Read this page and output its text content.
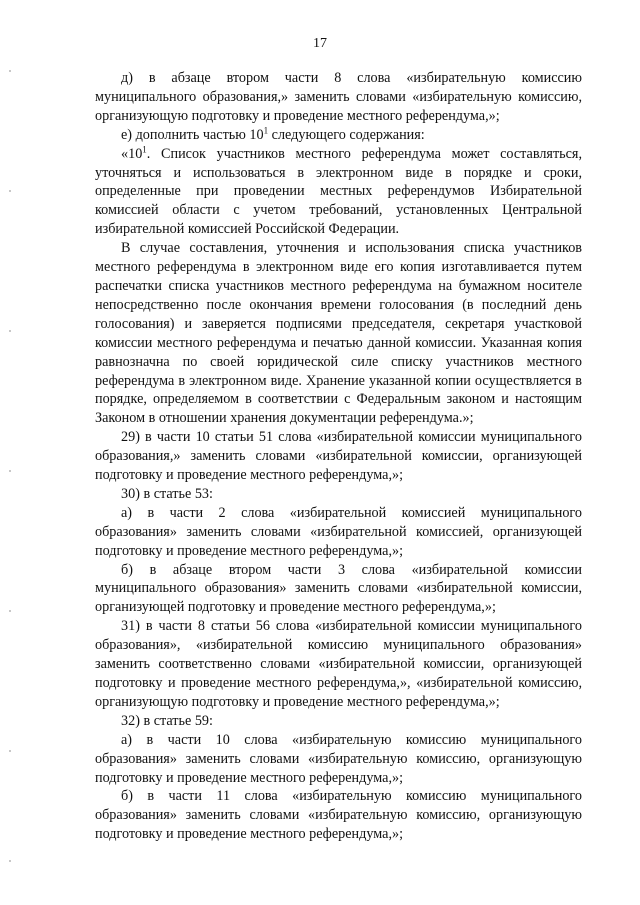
17

д) в абзаце втором части 8 слова «избирательную комиссию муниципального образования,» заменить словами «избирательную комиссию, организующую подготовку и проведение местного референдума,»;

е) дополнить частью $10^1$ следующего содержания:

«$10^1$. Список участников местного референдума может составляться, уточняться и использоваться в электронном виде в порядке и сроки, определенные при проведении местных референдумов Избирательной комиссией области с учетом требований, установленных Центральной избирательной комиссией Российской Федерации.

В случае составления, уточнения и использования списка участников местного референдума в электронном виде его копия изготавливается путем распечатки списка участников местного референдума на бумажном носителе непосредственно после окончания времени голосования (в последний день голосования) и заверяется подписями председателя, секретаря участковой комиссии местного референдума и печатью данной комиссии. Указанная копия равнозначна по своей юридической силе списку участников местного референдума в электронном виде. Хранение указанной копии осуществляется в порядке, определяемом в соответствии с Федеральным законом и настоящим Законом в отношении хранения документации референдума.»;

29) в части 10 статьи 51 слова «избирательной комиссии муниципального образования,» заменить словами «избирательной комиссии, организующей подготовку и проведение местного референдума,»;

30) в статье 53:

а) в части 2 слова «избирательной комиссией муниципального образования» заменить словами «избирательной комиссией, организующей подготовку и проведение местного референдума,»;

б) в абзаце втором части 3 слова «избирательной комиссии муниципального образования» заменить словами «избирательной комиссии, организующей подготовку и проведение местного референдума,»;

31) в части 8 статьи 56 слова «избирательной комиссии муниципального образования», «избирательной комиссию муниципального образования» заменить соответственно словами «избирательной комиссии, организующей подготовку и проведение местного референдума,», «избирательной комиссию, организующую подготовку и проведение местного референдума,»;

32) в статье 59:

а) в части 10 слова «избирательную комиссию муниципального образования» заменить словами «избирательную комиссию, организующую подготовку и проведение местного референдума,»;

б) в части 11 слова «избирательную комиссию муниципального образования» заменить словами «избирательную комиссию, организующую подготовку и проведение местного референдума,»;
